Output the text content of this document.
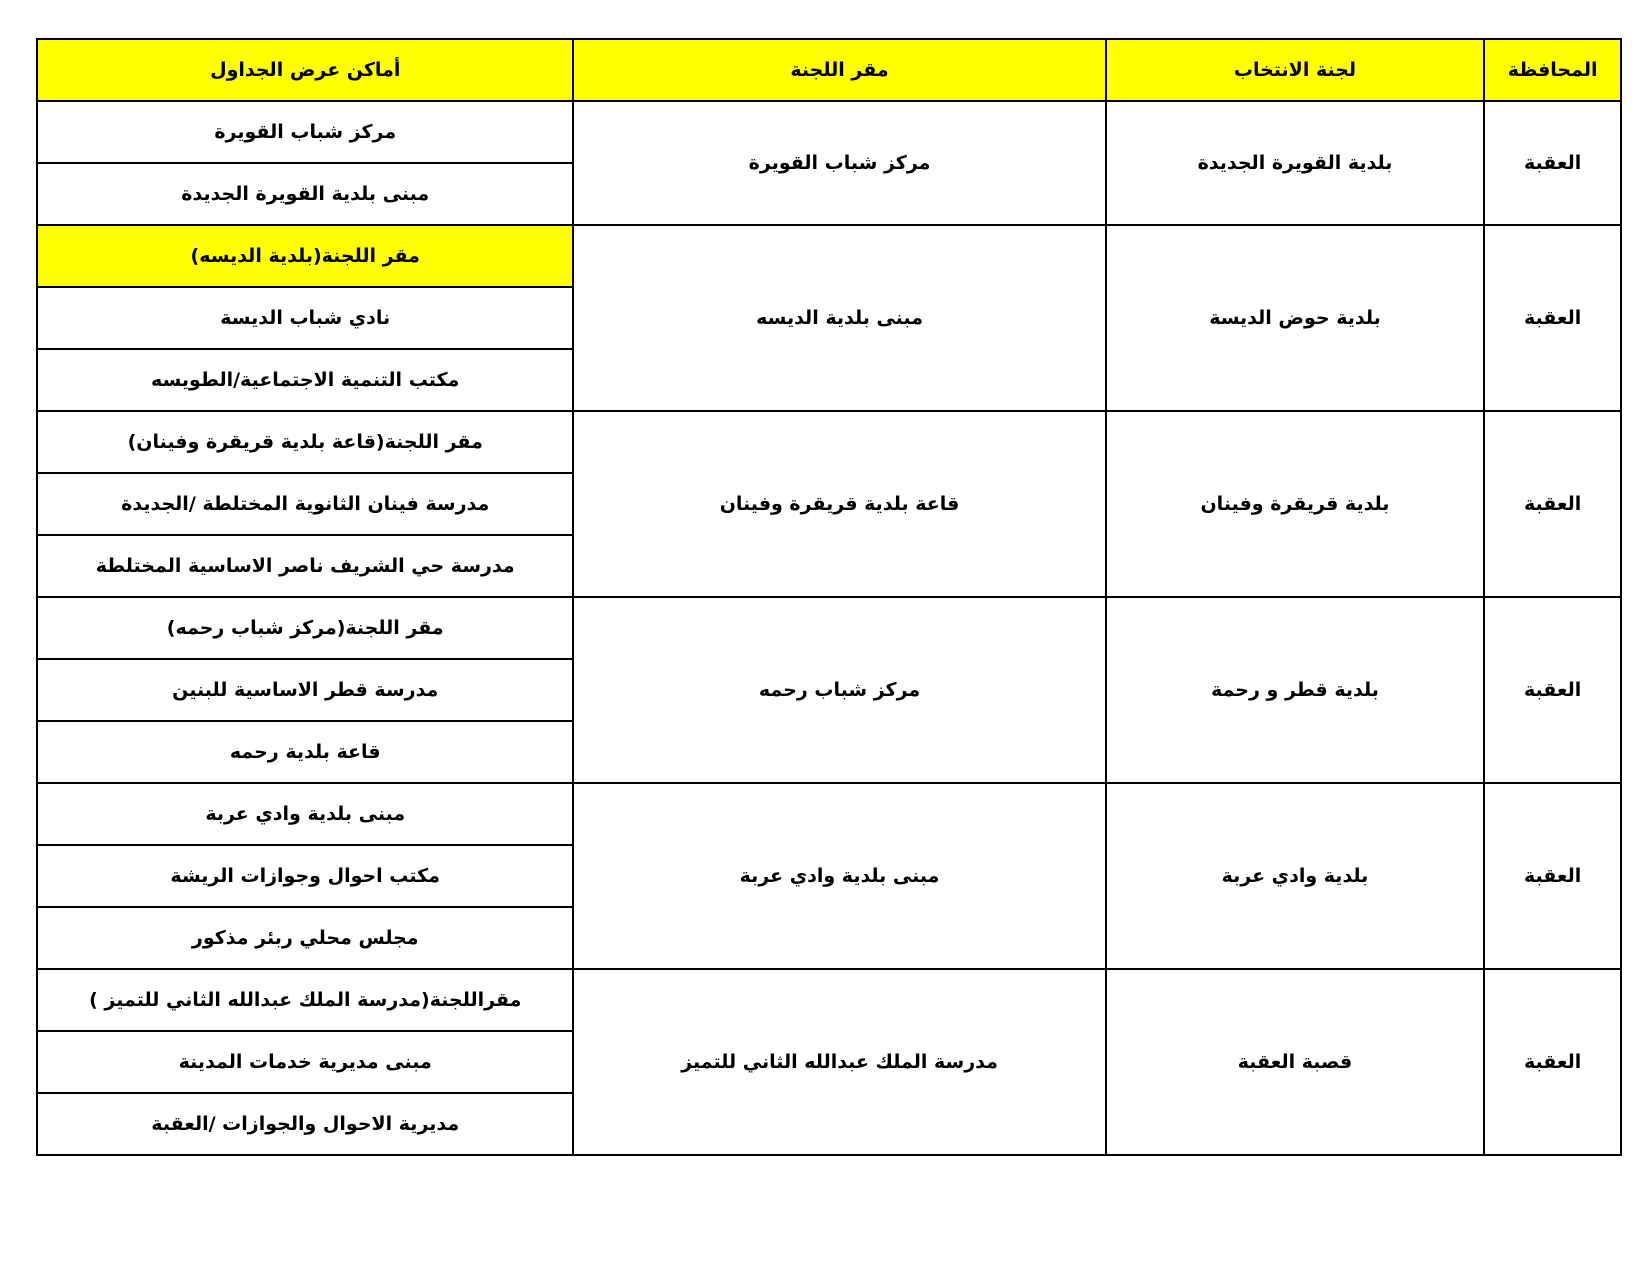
المحافظة	لجنة الانتخاب	مقر اللجنة	أماكن عرض الجداول
العقبة	بلدية القويرة الجديدة	مركز شباب القويرة	مركز شباب القويرة
			مبنى بلدية القويرة الجديدة
العقبة	بلدية حوض الديسة	مبنى بلدية الديسه	مقر اللجنة(بلدية الديسه)
			نادي شباب الديسة
			مكتب التنمية الاجتماعية/الطويسه
العقبة	بلدية قريقرة وفينان	قاعة بلدية قريقرة وفينان	مقر اللجنة(قاعة بلدية قريقرة وفينان)
			مدرسة فينان الثانوية المختلطة /الجديدة
			مدرسة حي الشريف ناصر الاساسية المختلطة
العقبة	بلدية قطر و رحمة	مركز شباب رحمه	مقر اللجنة(مركز شباب رحمه)
			مدرسة قطر الاساسية للبنين
			قاعة بلدية رحمه
العقبة	بلدية وادي عربة	مبنى بلدية وادي عربة	مبنى بلدية وادي عربة
			مكتب احوال وجوازات الريشة
			مجلس محلي ربئر مذكور
العقبة	قصبة العقبة	مدرسة الملك عبدالله الثاني للتميز	مقراللجنة(مدرسة الملك عبدالله الثاني للتميز )
			مبنى مديرية خدمات المدينة
			مديرية الاحوال والجوازات /العقبة
